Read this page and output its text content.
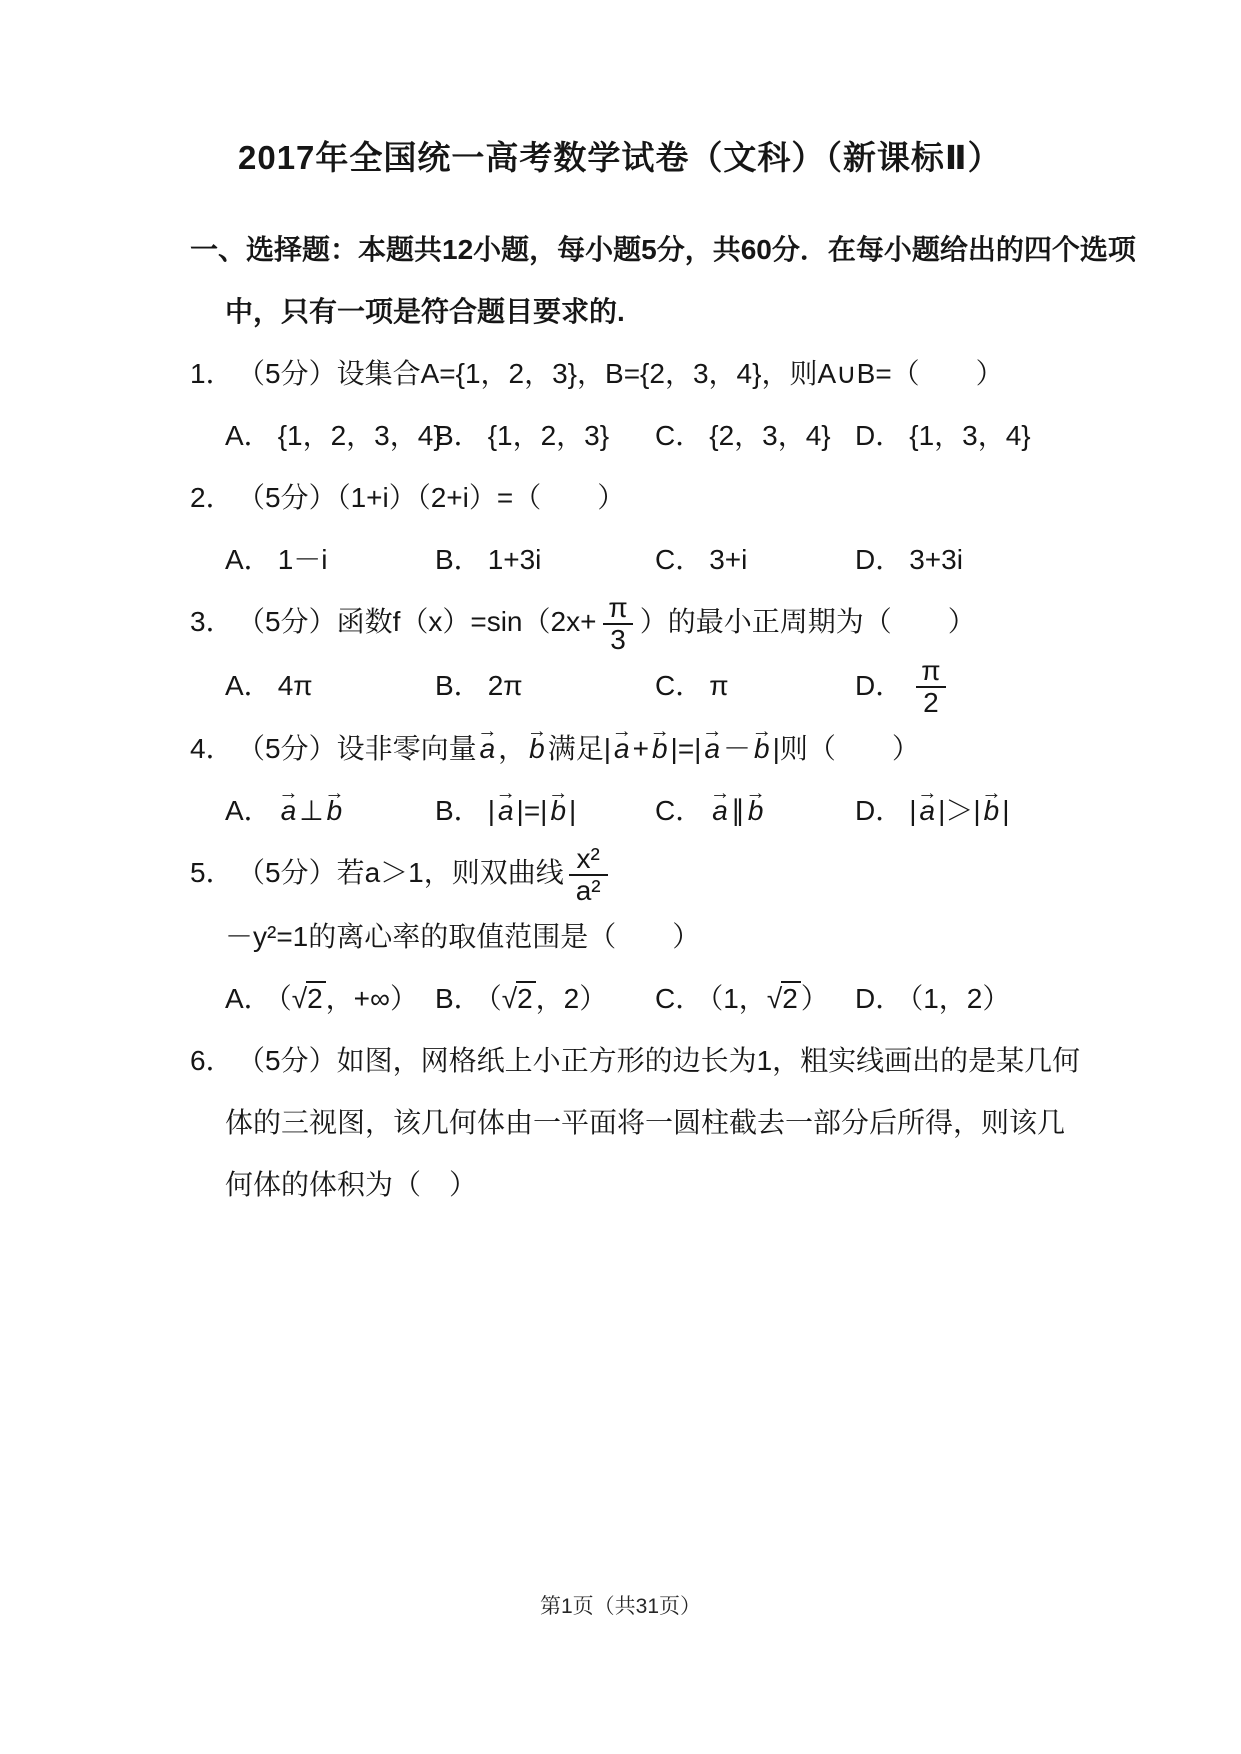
2017年全国统一高考数学试卷（文科）（新课标Ⅱ）
一、选择题：本题共12小题，每小题5分，共60分．在每小题给出的四个选项
中，只有一项是符合题目要求的.
1． （5分）设集合A={1，2，3}，B={2，3，4}，则A∪B=（　　）
A． {1，2，3，4}
B． {1，2，3}	C． {2，3，4} D． {1，3，4}
2． （5分）（1+i）（2+i）=（　　）
A． 1－i	B． 1+3i	C． 3+i	D． 3+3i
3． （5分）函数$f(x)=\sin(2x+ \frac{\pi}{3}$ ）的最小正周期为（　　）
A． 4π	B． 2π	C． π	D． $\frac{\pi}{2}$
4． （5分）设非零向量
→
a ，
→
b 满足|
→
a +
→
b |=|
→
a －
→
b |则（　　）
A．
→
a ⊥
→
b	B． |
→
a |=|
→
b |	C．
→
a ∥
→
b	D． |
→
a |＞|
→
b |
5． （5分）若a＞1，则双曲线 $\frac{\text{x²}}{\text{a²}}$
－y²=1的离心率的取值范围是（　　）
A． （√2 ，+∞） B． （√2 ，2）	C． （1，√2 ） D． （1，2）
6． （5分）如图，网格纸上小正方形的边长为1，粗实线画出的是某几何体的三视图，该几何体由一平面将一圆柱截去一部分后所得，则该几何体的体积为（　）
第1页（共31页）
